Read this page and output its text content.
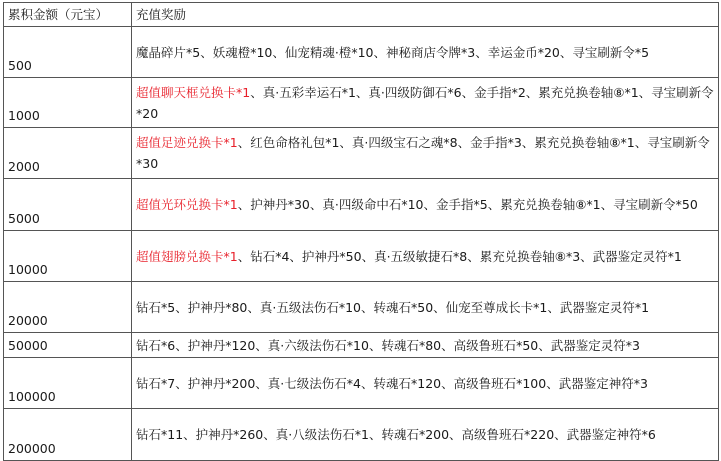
累积金额（元宝）	充值奖励
500	魔晶碎片*5、妖魂橙*10、仙宠精魂·橙*10、神秘商店令牌*3、幸运金币*20、寻宝刷新令*5
1000	超值聊天框兑换卡*1、真·五彩幸运石*1、真·四级防御石*6、金手指*2、累充兑换卷轴⑧*1、寻宝刷新令*20
2000	超值足迹兑换卡*1、红色命格礼包*1、真·四级宝石之魂*8、金手指*3、累充兑换卷轴⑧*1、寻宝刷新令*30
5000	超值光环兑换卡*1、护神丹*30、真·四级命中石*10、金手指*5、累充兑换卷轴⑧*1、寻宝刷新令*50
10000	超值翅膀兑换卡*1、钻石*4、护神丹*50、真·五级敏捷石*8、累充兑换卷轴⑧*3、武器鉴定灵符*1
20000	钻石*5、护神丹*80、真·五级法伤石*10、转魂石*50、仙宠至尊成长卡*1、武器鉴定灵符*1
50000	钻石*6、护神丹*120、真·六级法伤石*10、转魂石*80、高级鲁班石*50、武器鉴定灵符*3
100000	钻石*7、护神丹*200、真·七级法伤石*4、转魂石*120、高级鲁班石*100、武器鉴定神符*3
200000	钻石*11、护神丹*260、真·八级法伤石*1、转魂石*200、高级鲁班石*220、武器鉴定神符*6
